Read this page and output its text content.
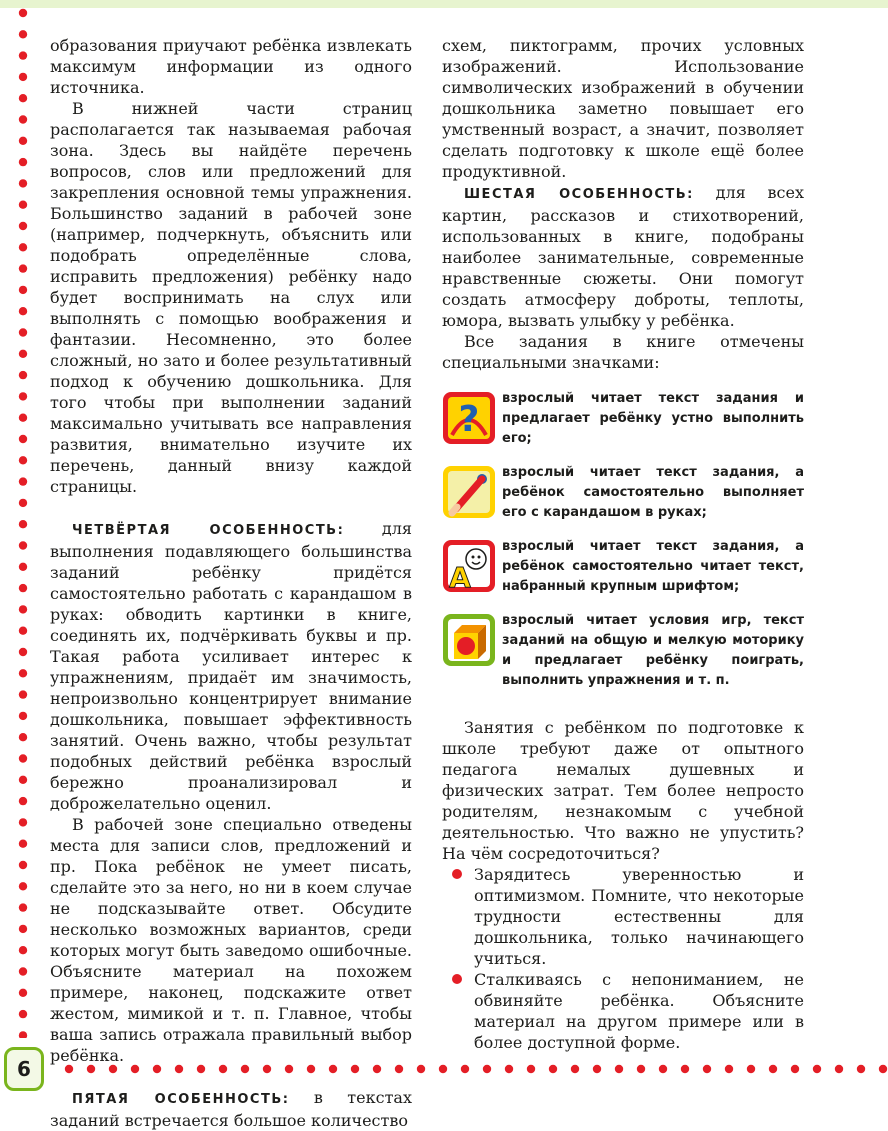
6

образования приучают ребёнка извлекать максимум информации из одного источника.

В нижней части страниц располагается так называемая рабочая зона. Здесь вы найдёте перечень вопросов, слов или предложений для закрепления основной темы упражнения. Большинство заданий в рабочей зоне (например, подчеркнуть, объяснить или подобрать определённые слова, исправить предложения) ребёнку надо будет воспринимать на слух или выполнять с помощью воображения и фантазии. Несомненно, это более сложный, но зато и более результативный подход к обучению дошкольника. Для того чтобы при выполнении заданий максимально учитывать все направления развития, внимательно изучите их перечень, данный внизу каждой страницы.

ЧЕТВЁРТАЯ ОСОБЕННОСТЬ: для выполнения подавляющего большинства заданий ребёнку придётся самостоятельно работать с карандашом в руках: обводить картинки в книге, соединять их, подчёркивать буквы и пр. Такая работа усиливает интерес к упражнениям, придаёт им значимость, непроизвольно концентрирует внимание дошкольника, повышает эффективность занятий. Очень важно, чтобы результат подобных действий ребёнка взрослый бережно проанализировал и доброжелательно оценил.

В рабочей зоне специально отведены места для записи слов, предложений и пр. Пока ребёнок не умеет писать, сделайте это за него, но ни в коем случае не подсказывайте ответ. Обсудите несколько возможных вариантов, среди которых могут быть заведомо ошибочные. Объясните материал на похожем примере, наконец, подскажите ответ жестом, мимикой и т. п. Главное, чтобы ваша запись отражала правильный выбор ребёнка.

ПЯТАЯ ОСОБЕННОСТЬ: в текстах заданий встречается большое количество

схем, пиктограмм, прочих условных изображений. Использование символических изображений в обучении дошкольника заметно повышает его умственный возраст, а значит, позволяет сделать подготовку к школе ещё более продуктивной.

ШЕСТАЯ ОСОБЕННОСТЬ: для всех картин, рассказов и стихотворений, использованных в книге, подобраны наиболее занимательные, современные нравственные сюжеты. Они помогут создать атмосферу доброты, теплоты, юмора, вызвать улыбку у ребёнка.

Все задания в книге отмечены специальными значками:

?
взрослый читает текст задания и предлагает ребёнку устно выполнить его;
взрослый читает текст задания, а ребёнок самостоятельно выполняет его с карандашом в руках;
A
взрослый читает текст задания, а ребёнок самостоятельно читает текст, набранный крупным шрифтом;
взрослый читает условия игр, текст заданий на общую и мелкую моторику и предлагает ребёнку поиграть, выполнить упражнения и т. п.

Занятия с ребёнком по подготовке к школе требуют даже от опытного педагога немалых душевных и физических затрат. Тем более непросто родителям, незнакомым с учебной деятельностью. Что важно не упустить? На чём сосредоточиться?

Зарядитесь уверенностью и оптимизмом. Помните, что некоторые трудности естественны для дошкольника, только начинающего учиться.
Сталкиваясь с непониманием, не обвиняйте ребёнка. Объясните материал на другом примере или в более доступной форме.
